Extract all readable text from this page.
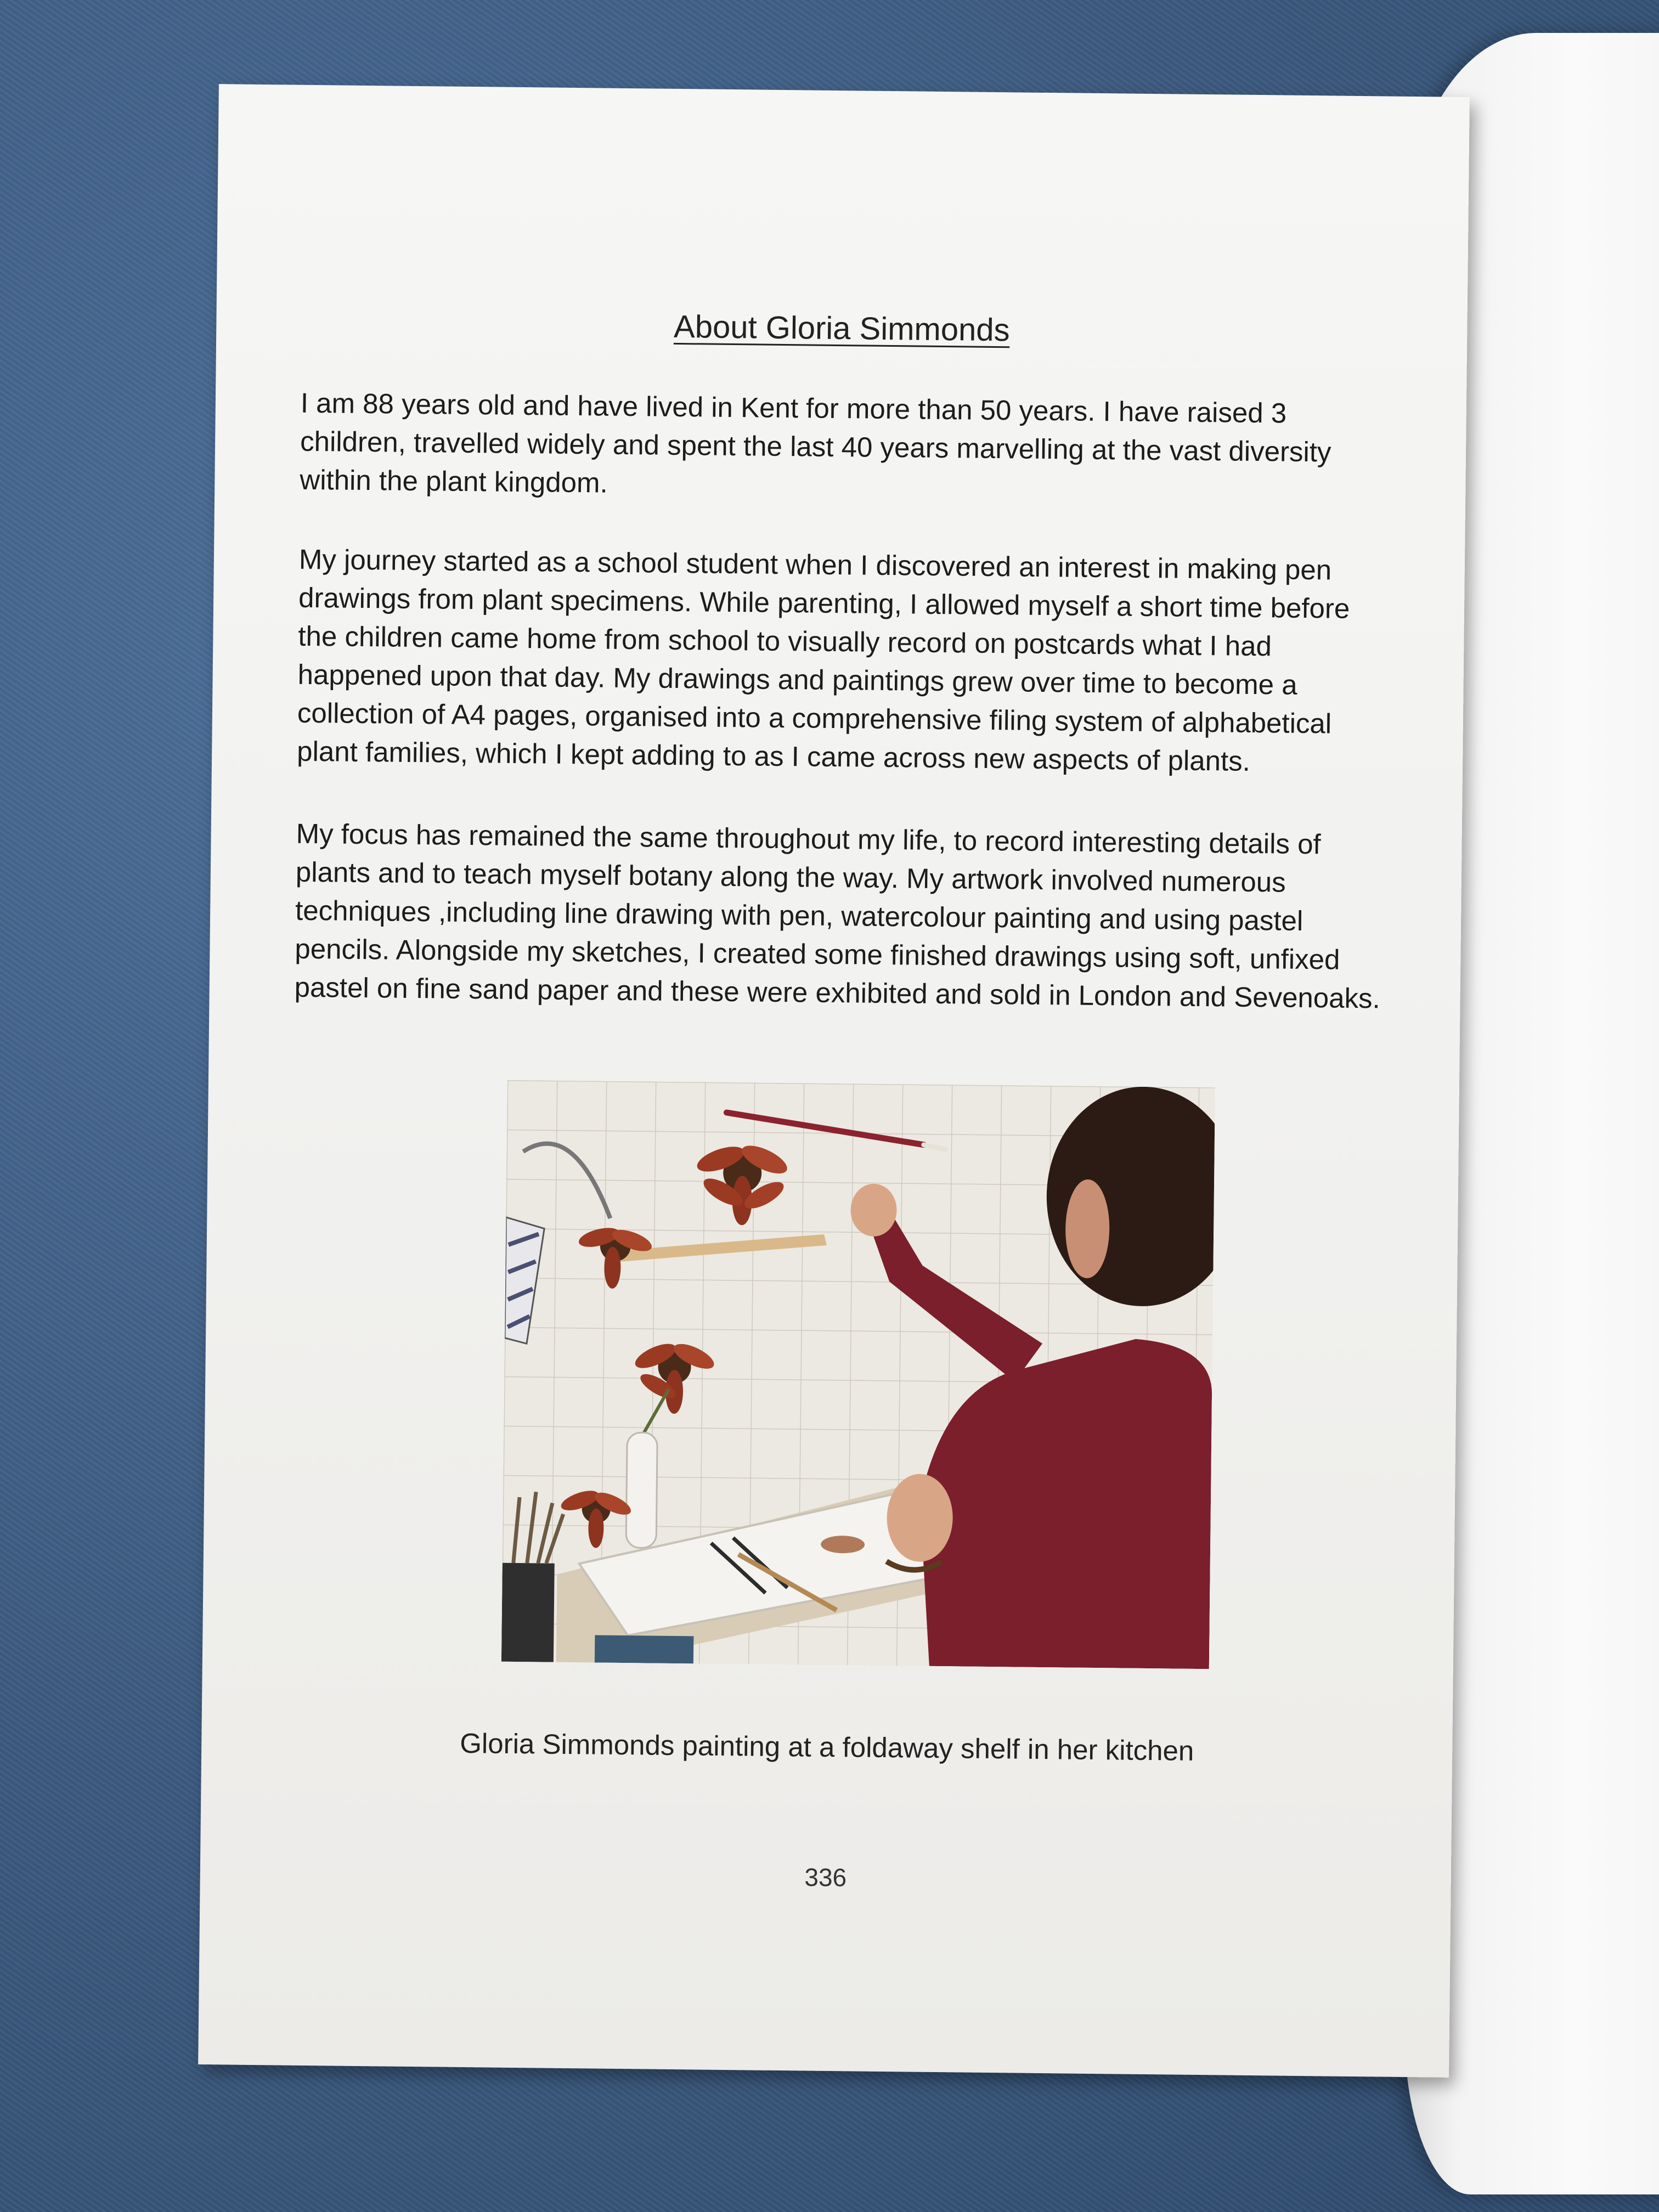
About Gloria Simmonds

I am 88 years old and have lived in Kent for more than 50 years. I have raised 3 children, travelled widely and spent the last 40 years marvelling at the vast diversity within the plant kingdom.

My journey started as a school student when I discovered an interest in making pen drawings from plant specimens. While parenting, I allowed myself a short time before the children came home from school to visually record on postcards what I had happened upon that day. My drawings and paintings grew over time to become a collection of A4 pages, organised into a comprehensive filing system of alphabetical plant families, which I kept adding to as I came across new aspects of plants.

My focus has remained the same throughout my life, to record interesting details of plants and to teach myself botany along the way. My artwork involved numerous techniques ,including line drawing with pen, watercolour painting and using pastel pencils. Alongside my sketches, I created some finished drawings using soft, unfixed pastel on fine sand paper and these were exhibited and sold in London and Sevenoaks.

Gloria Simmonds painting at a foldaway shelf in her kitchen
336
